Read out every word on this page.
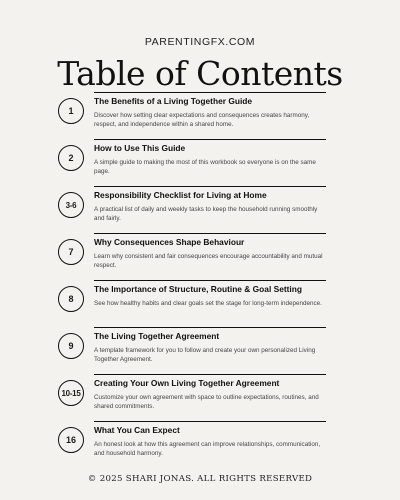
PARENTINGFX.COM
Table of Contents
1
The Benefits of a Living Together Guide
Discover how setting clear expectations and consequences creates harmony, respect, and independence within a shared home.
2
How to Use This Guide
A simple guide to making the most of this workbook so everyone is on the same page.
3-6
Responsibility Checklist for Living at Home
A practical list of daily and weekly tasks to keep the household running smoothly and fairly.
7
Why Consequences Shape Behaviour
Learn why consistent and fair consequences encourage accountability and mutual respect.
8
The Importance of Structure, Routine & Goal Setting
See how healthy habits and clear goals set the stage for long-term independence.
9
The Living Together Agreement
A template framework for you to follow and create your own personalized Living Together Agreement.
10-15
Creating Your Own Living Together Agreement
Customize your own agreement with space to outline expectations, routines, and shared commitments.
16
What You Can Expect
An honest look at how this agreement can improve relationships, communication, and household harmony.
© 2025 SHARI JONAS. ALL RIGHTS RESERVED
